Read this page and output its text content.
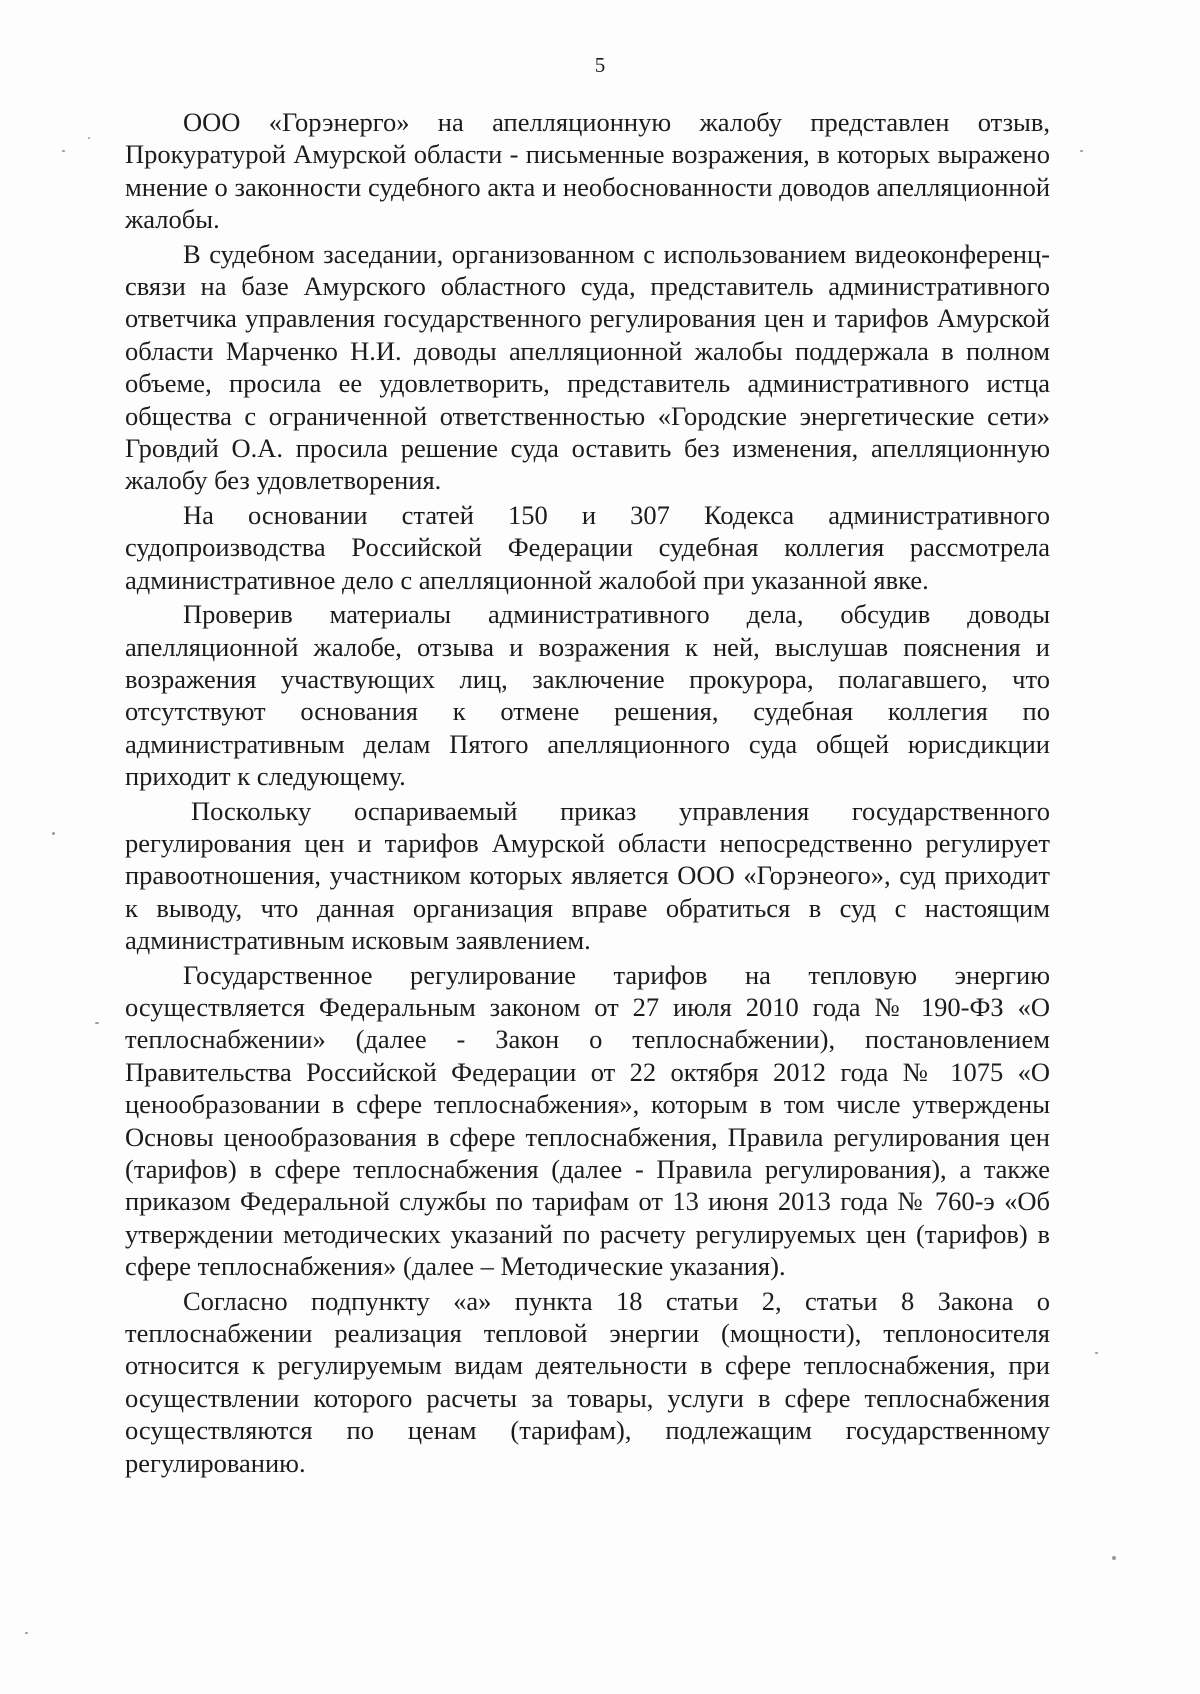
5

ООО «Горэнерго» на апелляционную жалобу представлен отзыв, Прокуратурой Амурской области - письменные возражения, в которых выражено мнение о законности судебного акта и необоснованности доводов апелляционной жалобы.

В судебном заседании, организованном с использованием видеоконференц-связи на базе Амурского областного суда, представитель административного ответчика управления государственного регулирования цен и тарифов Амурской области Марченко Н.И. доводы апелляционной жалобы поддержала в полном объеме, просила ее удовлетворить, представитель административного истца общества с ограниченной ответственностью «Городские энергетические сети» Гровдий О.А. просила решение суда оставить без изменения, апелляционную жалобу без удовлетворения.

На основании статей 150 и 307 Кодекса административного судопроизводства Российской Федерации судебная коллегия рассмотрела административное дело с апелляционной жалобой при указанной явке.

Проверив материалы административного дела, обсудив доводы апелляционной жалобе, отзыва и возражения к ней, выслушав пояснения и возражения участвующих лиц, заключение прокурора, полагавшего, что отсутствуют основания к отмене решения, судебная коллегия по административным делам Пятого апелляционного суда общей юрисдикции приходит к следующему.

Поскольку оспариваемый приказ управления государственного регулирования цен и тарифов Амурской области непосредственно регулирует правоотношения, участником которых является ООО «Горэнеого», суд приходит к выводу, что данная организация вправе обратиться в суд с настоящим административным исковым заявлением.

Государственное регулирование тарифов на тепловую энергию осуществляется Федеральным законом от 27 июля 2010 года № 190-ФЗ «О теплоснабжении» (далее - Закон о теплоснабжении), постановлением Правительства Российской Федерации от 22 октября 2012 года № 1075 «О ценообразовании в сфере теплоснабжения», которым в том числе утверждены Основы ценообразования в сфере теплоснабжения, Правила регулирования цен (тарифов) в сфере теплоснабжения (далее - Правила регулирования), а также приказом Федеральной службы по тарифам от 13 июня 2013 года № 760-э «Об утверждении методических указаний по расчету регулируемых цен (тарифов) в сфере теплоснабжения» (далее – Методические указания).

Согласно подпункту «а» пункта 18 статьи 2, статьи 8 Закона о теплоснабжении реализация тепловой энергии (мощности), теплоносителя относится к регулируемым видам деятельности в сфере теплоснабжения, при осуществлении которого расчеты за товары, услуги в сфере теплоснабжения осуществляются по ценам (тарифам), подлежащим государственному регулированию.
